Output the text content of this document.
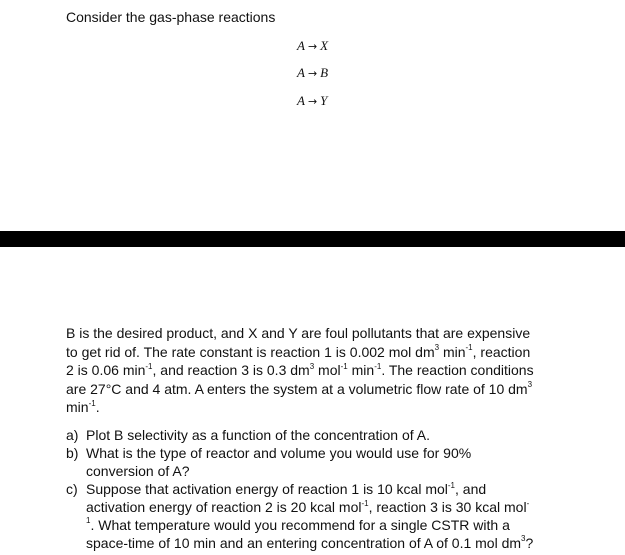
Consider the gas-phase reactions

A → X
A → B
A → Y

B is the desired product, and X and Y are foul pollutants that are expensive
to get rid of. The rate constant is reaction 1 is 0.002 mol $dm^3$ $\min^{-1}$, reaction
2 is 0.06 $\min^{-1}$, and reaction 3 is 0.3 $dm^3$ mol$^{-1}$ $\min^{-1}$. The reaction conditions
are 27°C and 4 atm. A enters the system at a volumetric flow rate of 10 $dm^3$
$\min^{-1}$.

a) Plot B selectivity as a function of the concentration of A.
b) What is the type of reactor and volume you would use for 90%
conversion of A?
c) Suppose that activation energy of reaction 1 is 10 kcal mol$^{-1}$, and
activation energy of reaction 2 is 20 kcal mol$^{-1}$, reaction 3 is 30 kcal mol-
$^1$. What temperature would you recommend for a single CSTR with a
space-time of 10 min and an entering concentration of A of 0.1 mol $dm^3$?
